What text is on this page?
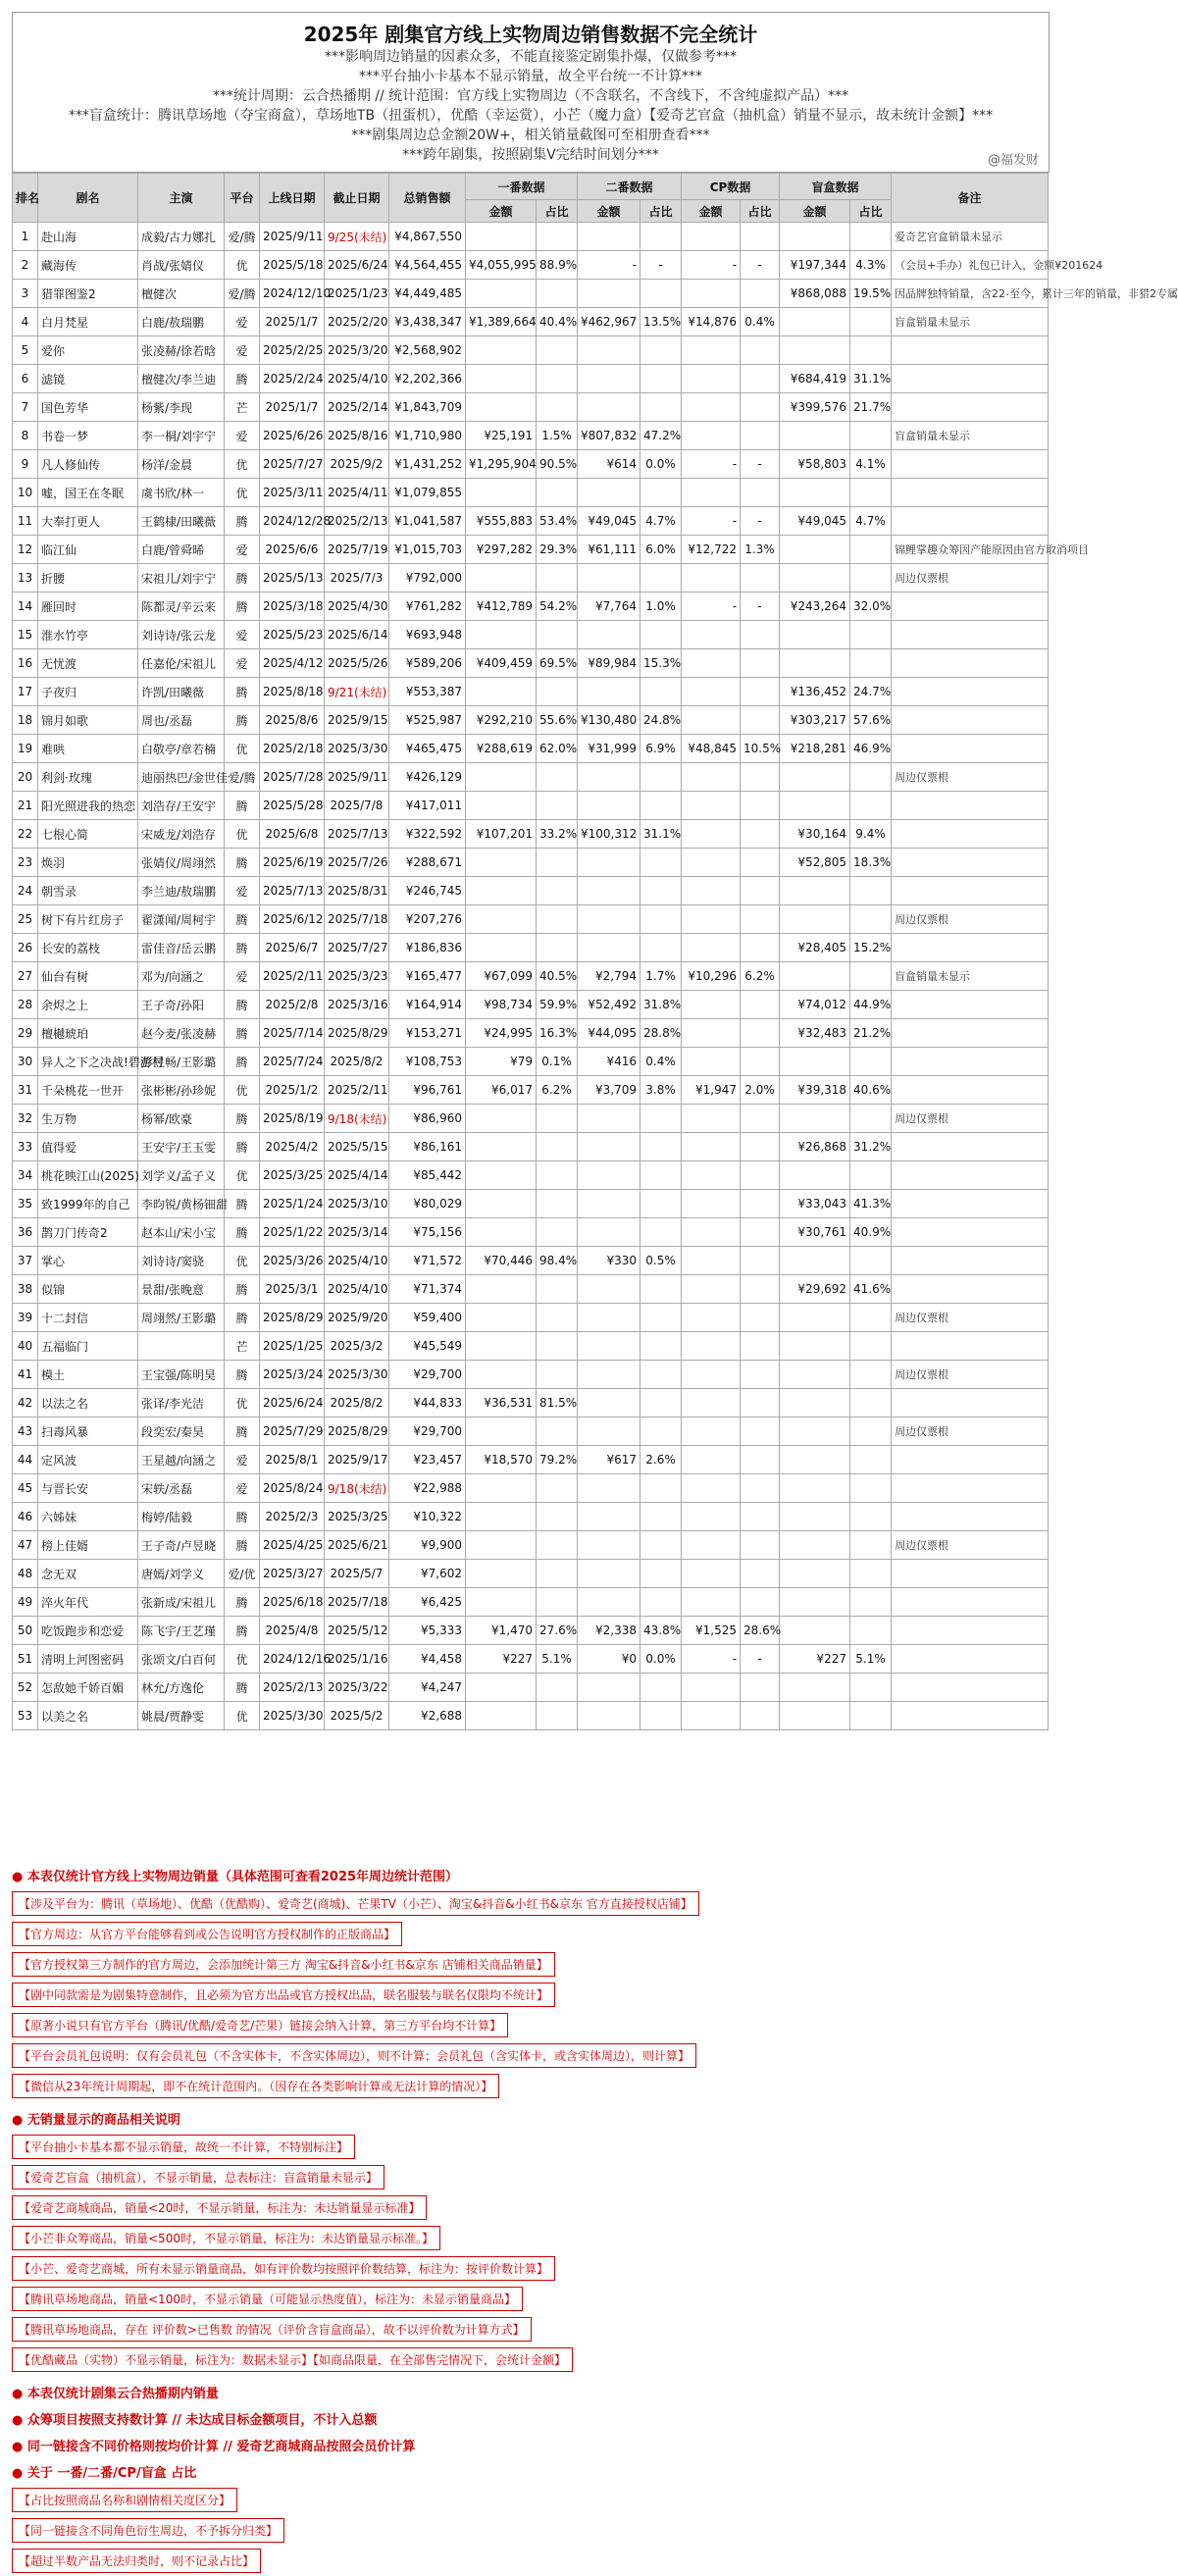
2025年 剧集官方线上实物周边销售数据不完全统计
***影响周边销量的因素众多，不能直接鉴定剧集扑爆，仅做参考***
***平台抽小卡基本不显示销量，故全平台统一不计算***
***统计周期：云合热播期 // 统计范围：官方线上实物周边（不含联名，不含线下，不含纯虚拟产品）***
***盲盒统计：腾讯草场地（夺宝商盒），草场地TB（扭蛋机），优酷（幸运赏），小芒（魔力盒）【爱奇艺官盒（抽机盒）销量不显示，故未统计金额】***
***剧集周边总金额20W+，相关销量截图可至相册查看***
***跨年剧集，按照剧集V完结时间划分***	@福发财
排名	剧名	主演	平台	上线日期	截止日期	总销售额	一番数据		二番数据		CP数据		盲盒数据		备注
							金额	占比	金额	占比	金额	占比	金额	占比	
1	赴山海	成毅/古力娜扎	爱/腾	2025/9/11	9/25(未结)	¥4,867,550									爱奇艺官盒销量未显示
2	藏海传	肖战/张婧仪	优	2025/5/18	2025/6/24	¥4,564,455	¥4,055,995	88.9%	-	-	-	-	¥197,344	4.3%	（会员+手办）礼包已计入，金额¥201624
3	猎罪图鉴2	檀健次	爱/腾	2024/12/10	2025/1/23	¥4,449,485							¥868,088	19.5%	因品牌独特销量，含22-至今，累计三年的销量，非猎2专属
4	白月梵星	白鹿/敖瑞鹏	爱	2025/1/7	2025/2/20	¥3,438,347	¥1,389,664	40.4%	¥462,967	13.5%	¥14,876	0.4%			盲盒销量未显示
5	爱你	张凌赫/徐若晗	爱	2025/2/25	2025/3/20	¥2,568,902									
6	滤镜	檀健次/李兰迪	腾	2025/2/24	2025/4/10	¥2,202,366							¥684,419	31.1%	
7	国色芳华	杨紫/李现	芒	2025/1/7	2025/2/14	¥1,843,709							¥399,576	21.7%	
8	书卷一梦	李一桐/刘宇宁	爱	2025/6/26	2025/8/16	¥1,710,980	¥25,191	1.5%	¥807,832	47.2%					盲盒销量未显示
9	凡人修仙传	杨洋/金晨	优	2025/7/27	2025/9/2	¥1,431,252	¥1,295,904	90.5%	¥614	0.0%	-	-	¥58,803	4.1%	
10	嘘，国王在冬眠	虞书欣/林一	优	2025/3/11	2025/4/11	¥1,079,855									
11	大奉打更人	王鹤棣/田曦薇	腾	2024/12/28	2025/2/13	¥1,041,587	¥555,883	53.4%	¥49,045	4.7%	-	-	¥49,045	4.7%	
12	临江仙	白鹿/曾舜晞	爱	2025/6/6	2025/7/19	¥1,015,703	¥297,282	29.3%	¥61,111	6.0%	¥12,722	1.3%			锦鲤掌趣众筹因产能原因由官方取消项目
13	折腰	宋祖儿/刘宇宁	腾	2025/5/13	2025/7/3	¥792,000									周边仅票根
14	雁回时	陈都灵/辛云来	腾	2025/3/18	2025/4/30	¥761,282	¥412,789	54.2%	¥7,764	1.0%	-	-	¥243,264	32.0%	
15	淮水竹亭	刘诗诗/张云龙	爱	2025/5/23	2025/6/14	¥693,948									
16	无忧渡	任嘉伦/宋祖儿	爱	2025/4/12	2025/5/26	¥589,206	¥409,459	69.5%	¥89,984	15.3%					
17	子夜归	许凯/田曦薇	腾	2025/8/18	9/21(未结)	¥553,387							¥136,452	24.7%	
18	锦月如歌	周也/丞磊	腾	2025/8/6	2025/9/15	¥525,987	¥292,210	55.6%	¥130,480	24.8%			¥303,217	57.6%	
19	难哄	白敬亭/章若楠	优	2025/2/18	2025/3/30	¥465,475	¥288,619	62.0%	¥31,999	6.9%	¥48,845	10.5%	¥218,281	46.9%	
20	利剑·玫瑰	迪丽热巴/金世佳	爱/腾	2025/7/28	2025/9/11	¥426,129									周边仅票根
21	阳光照进我的热恋	刘浩存/王安宇	腾	2025/5/28	2025/7/8	¥417,011									
22	七根心简	宋威龙/刘浩存	优	2025/6/8	2025/7/13	¥322,592	¥107,201	33.2%	¥100,312	31.1%			¥30,164	9.4%	
23	焕羽	张婧仪/周翊然	腾	2025/6/19	2025/7/26	¥288,671							¥52,805	18.3%	
24	朝雪录	李兰迪/敖瑞鹏	爱	2025/7/13	2025/8/31	¥246,745									
25	树下有片红房子	翟潇闻/周柯宇	腾	2025/6/12	2025/7/18	¥207,276									周边仅票根
26	长安的荔枝	雷佳音/岳云鹏	腾	2025/6/7	2025/7/27	¥186,836							¥28,405	15.2%	
27	仙台有树	邓为/向涵之	爱	2025/2/11	2025/3/23	¥165,477	¥67,099	40.5%	¥2,794	1.7%	¥10,296	6.2%			盲盒销量未显示
28	余烬之上	王子奇/孙阳	腾	2025/2/8	2025/3/16	¥164,914	¥98,734	59.9%	¥52,492	31.8%			¥74,012	44.9%	
29	檀樾琥珀	赵今麦/张凌赫	腾	2025/7/14	2025/8/29	¥153,271	¥24,995	16.3%	¥44,095	28.8%			¥32,483	21.2%	
30	异人之下之决战!碧游村	彭昱畅/王影璐	腾	2025/7/24	2025/8/2	¥108,753	¥79	0.1%	¥416	0.4%					
31	千朵桃花一世开	张彬彬/孙珍妮	优	2025/1/2	2025/2/11	¥96,761	¥6,017	6.2%	¥3,709	3.8%	¥1,947	2.0%	¥39,318	40.6%	
32	生万物	杨幂/欧豪	腾	2025/8/19	9/18(未结)	¥86,960									周边仅票根
33	值得爱	王安宇/王玉雯	腾	2025/4/2	2025/5/15	¥86,161							¥26,868	31.2%	
34	桃花映江山(2025)	刘学义/孟子义	优	2025/3/25	2025/4/14	¥85,442									
35	致1999年的自己	李昀锐/黄杨钿甜	腾	2025/1/24	2025/3/10	¥80,029							¥33,043	41.3%	
36	鹊刀门传奇2	赵本山/宋小宝	腾	2025/1/22	2025/3/14	¥75,156							¥30,761	40.9%	
37	掌心	刘诗诗/窦骁	优	2025/3/26	2025/4/10	¥71,572	¥70,446	98.4%	¥330	0.5%					
38	似锦	景甜/张晚意	腾	2025/3/1	2025/4/10	¥71,374							¥29,692	41.6%	
39	十二封信	周翊然/王影璐	腾	2025/8/29	2025/9/20	¥59,400									周边仅票根
40	五福临门		芒	2025/1/25	2025/3/2	¥45,549									
41	模土	王宝强/陈明昊	腾	2025/3/24	2025/3/30	¥29,700									周边仅票根
42	以法之名	张译/李光洁	优	2025/6/24	2025/8/2	¥44,833	¥36,531	81.5%							
43	扫毒风暴	段奕宏/秦昊	腾	2025/7/29	2025/8/29	¥29,700									周边仅票根
44	定风波	王星越/向涵之	爱	2025/8/1	2025/9/17	¥23,457	¥18,570	79.2%	¥617	2.6%					
45	与晋长安	宋轶/丞磊	爱	2025/8/24	9/18(未结)	¥22,988									
46	六姊妹	梅婷/陆毅	腾	2025/2/3	2025/3/25	¥10,322									
47	榜上佳婿	王子奇/卢昱晓	腾	2025/4/25	2025/6/21	¥9,900									周边仅票根
48	念无双	唐嫣/刘学义	爱/优	2025/3/27	2025/5/7	¥7,602									
49	淬火年代	张新成/宋祖儿	腾	2025/6/18	2025/7/18	¥6,425									
50	吃饭跑步和恋爱	陈飞宇/王艺瑾	腾	2025/4/8	2025/5/12	¥5,333	¥1,470	27.6%	¥2,338	43.8%	¥1,525	28.6%			
51	清明上河图密码	张颂文/白百何	优	2024/12/16	2025/1/16	¥4,458	¥227	5.1%	¥0	0.0%	-	-	¥227	5.1%	
52	怎敌她千娇百媚	林允/方逸伦	腾	2025/2/13	2025/3/22	¥4,247									
53	以美之名	姚晨/贾静雯	优	2025/3/30	2025/5/2	¥2,688									
● 本表仅统计官方线上实物周边销量（具体范围可查看2025年周边统计范围）
【涉及平台为：腾讯（草场地）、优酷（优酷购）、爱奇艺(商城)、芒果TV（小芒）、淘宝&抖音&小红书&京东 官方直接授权店铺】
【官方周边：从官方平台能够看到或公告说明官方授权制作的正版商品】
【官方授权第三方制作的官方周边，会添加统计第三方 淘宝&抖音&小红书&京东 店铺相关商品销量】
【剧中同款需是为剧集特意制作，且必须为官方出品或官方授权出品，联名服装与联名仅限均不统计】
【原著小说只有官方平台（腾讯/优酷/爱奇艺/芒果）链接会纳入计算，第三方平台均不计算】
【平台会员礼包说明：仅有会员礼包（不含实体卡，不含实体周边），则不计算；会员礼包（含实体卡，或含实体周边），则计算】
【微信从23年统计周期起，即不在统计范围内。（因存在各类影响计算或无法计算的情况）】
● 无销量显示的商品相关说明
【平台抽小卡基本都不显示销量，故统一不计算，不特别标注】
【爱奇艺盲盒（抽机盒），不显示销量，总表标注：盲盒销量未显示】
【爱奇艺商城商品，销量<20时，不显示销量，标注为：未达销量显示标准】
【小芒非众筹商品，销量<500时，不显示销量，标注为：未达销量显示标准。】
【小芒、爱奇艺商城，所有未显示销量商品，如有评价数均按照评价数结算，标注为：按评价数计算】
【腾讯草场地商品，销量<100时，不显示销量（可能显示热度值），标注为：未显示销量商品】
【腾讯草场地商品，存在 评价数>已售数 的情况（评价含盲盒商品），故不以评价数为计算方式】
【优酷藏品（实物）不显示销量，标注为：数据未显示】【如商品限量，在全部售完情况下，会统计金额】
● 本表仅统计剧集云合热播期内销量
● 众筹项目按照支持数计算 // 未达成目标金额项目，不计入总额
● 同一链接含不同价格则按均价计算 // 爱奇艺商城商品按照会员价计算
● 关于 一番/二番/CP/盲盒 占比
【占比按照商品名称和剧情相关度区分】
【同一链接含不同角色衍生周边，不予拆分归类】
【超过半数产品无法归类时，则不记录占比】
